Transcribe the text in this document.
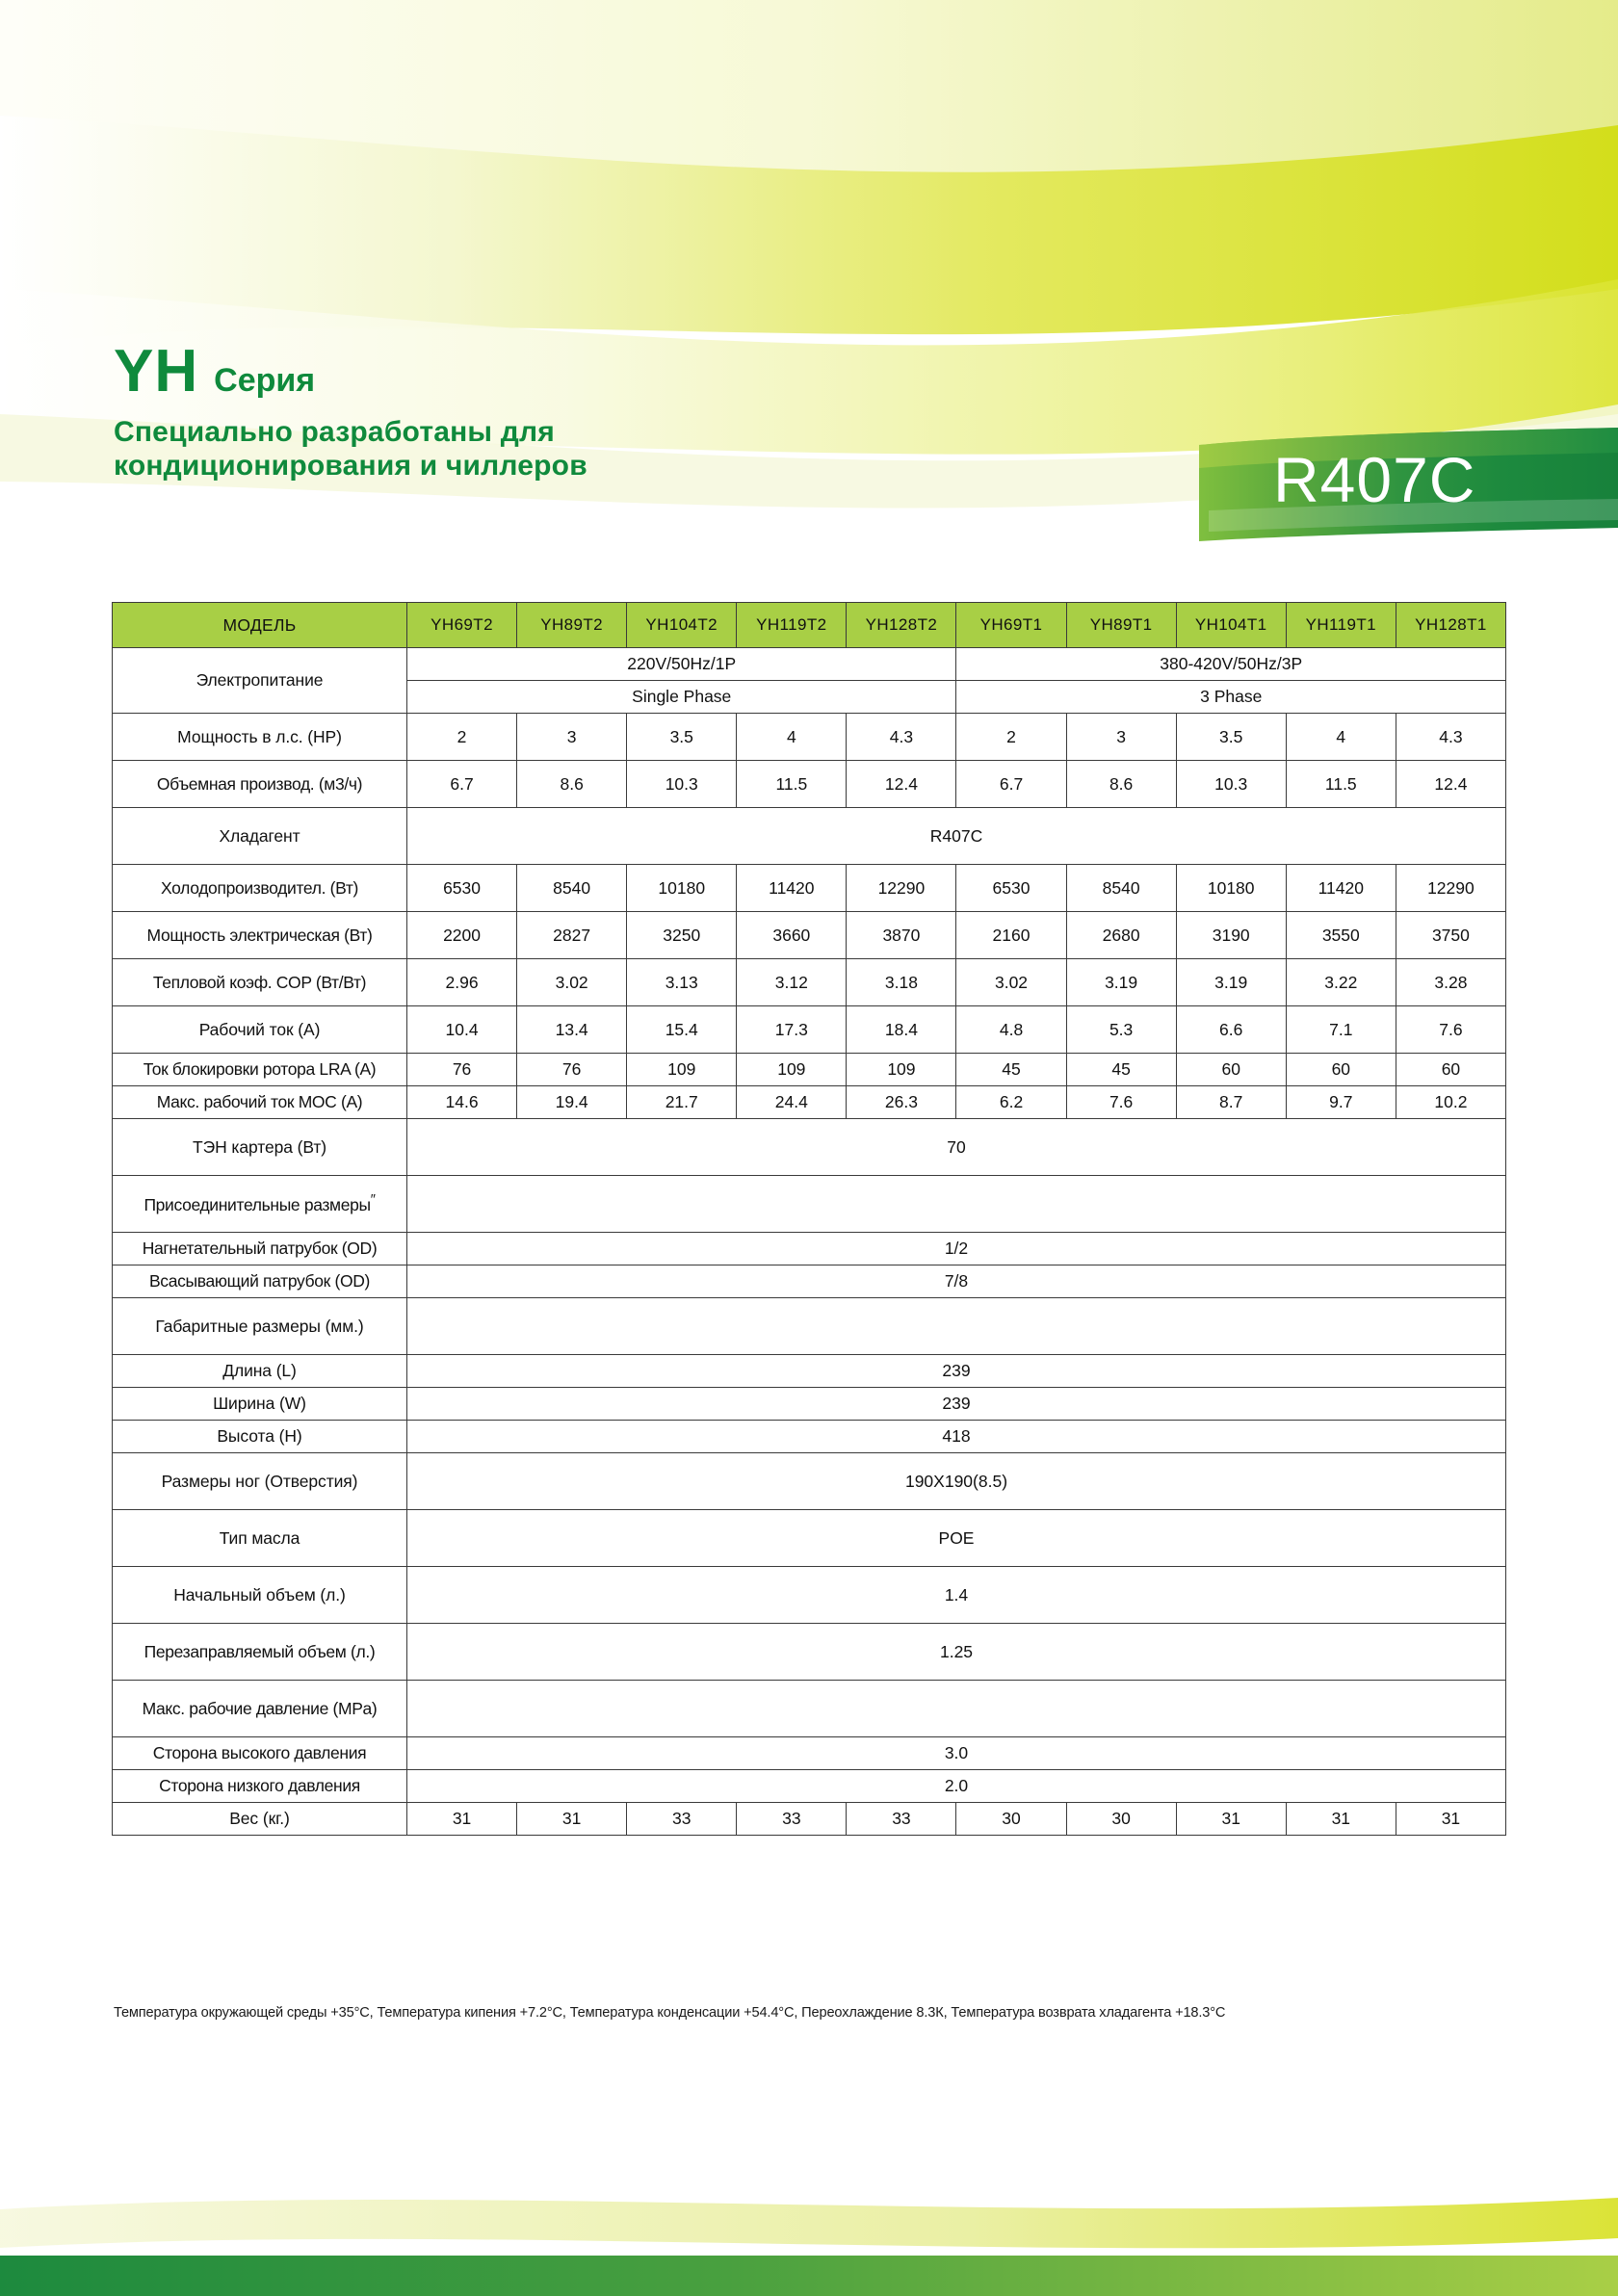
YH Серия
Специально разработаны для
кондиционирования и чиллеров	R407C
МОДЕЛЬ	YH69T2	YH89T2	YH104T2	YH119T2	YH128T2	YH69T1	YH89T1	YH104T1	YH119T1	YH128T1
Электропитание	220V/50Hz/1P					380-420V/50Hz/3P				
	Single Phase					3 Phase				
Мощность в л.с. (HP)	2	3	3.5	4	4.3	2	3	3.5	4	4.3
Объемная производ. (м3/ч)	6.7	8.6	10.3	11.5	12.4	6.7	8.6	10.3	11.5	12.4
Хладагент	R407C									
Холодопроизводител. (Вт)	6530	8540	10180	11420	12290	6530	8540	10180	11420	12290
Мощность электрическая (Вт)	2200	2827	3250	3660	3870	2160	2680	3190	3550	3750
Тепловой коэф. COP (Вт/Вт)	2.96	3.02	3.13	3.12	3.18	3.02	3.19	3.19	3.22	3.28
Рабочий ток (А)	10.4	13.4	15.4	17.3	18.4	4.8	5.3	6.6	7.1	7.6
Ток блокировки ротора LRA (A)	76	76	109	109	109	45	45	60	60	60
Макс. рабочий ток MOC (A)	14.6	19.4	21.7	24.4	26.3	6.2	7.6	8.7	9.7	10.2
ТЭН картера (Вт)	70									
Присоединительные размеры″	
Нагнетательный патрубок (OD)	1/2									
Всасывающий патрубок (OD)	7/8									
Габаритные размеры (мм.)										
Длина (L)	239									
Ширина (W)	239									
Высота (H)	418									
Размеры ног (Отверстия)	190X190(8.5)									
Тип масла	POE									
Начальный объем (л.)	1.4									
Перезаправляемый объем (л.)	1.25									
Макс. рабочие давление (MPa)										
Сторона высокого давления	3.0									
Сторона низкого давления	2.0									
Вес (кг.)	31	31	33	33	33	30	30	31	31	31
Температура окружающей среды +35°C, Температура кипения +7.2°C, Температура конденсации +54.4°C, Переохлаждение 8.3К, Температура возврата хладагента +18.3°C
